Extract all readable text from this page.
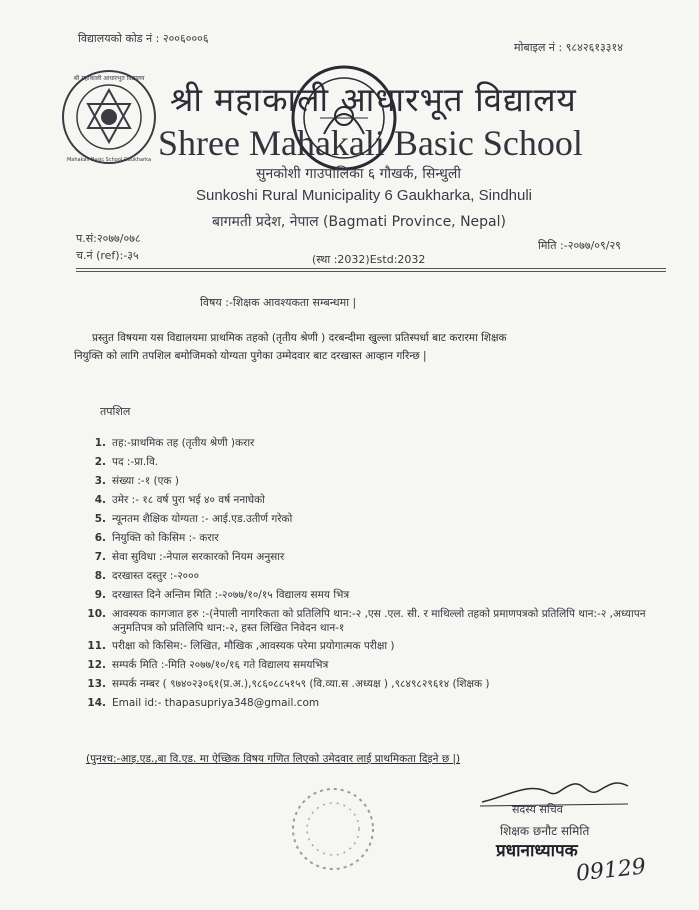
विद्यालयको कोड नं : २००६०००६
मोबाइल नं : ९८४२६१३३१४
श्री महाकाली आधारभूत विद्यालय
Mahakali Basic School Gaukharka
श्री महाकाली आधारभूत विद्यालय
Shree Mahakali Basic School
सुनकोशी गाउपालिका ६ गौखर्क, सिन्धुली
Sunkoshi Rural Municipality 6 Gaukharka, Sindhuli
बागमती प्रदेश, नेपाल (Bagmati Province, Nepal)
प.सं:२०७७/०७८
च.नं (ref):-३५
मिति :-२०७७/०९/२९
(स्था :2032)Estd:2032
विषय :-शिक्षक आवश्यकता सम्बन्धमा |
प्रस्तुत विषयमा यस विद्यालयमा प्राथमिक तहको (तृतीय श्रेणी ) दरबन्दीमा खुल्ला प्रतिस्पर्धा बाट करारमा शिक्षक
नियुक्ति को लागि तपशिल बमोजिमको योग्यता पुगेका उम्मेदवार बाट दरखास्त आव्हान गरिन्छ |
तपशिल
1. तह:-प्राथमिक तह (तृतीय श्रेणी )करार
2. पद :-प्रा.वि.
3. संख्या :-१ (एक )
4. उमेर :- १८ वर्ष पुरा भई ४० वर्ष ननाघेको
5. न्यूनतम शैक्षिक योग्यता :- आई.एड.उतीर्ण गरेको
6. नियुक्ति को किसिम :- करार
7. सेवा सुविधा :-नेपाल सरकारको नियम अनुसार
8. दरखास्त दस्तुर :-२०००
9. दरखास्त दिने अन्तिम मिति :-२०७७/१०/१५ विद्यालय समय भित्र
10. आवस्यक कागजात हरु :-(नेपाली नागरिकता को प्रतिलिपि थान:-२ ,एस .एल. सी. र माथिल्लो तहको प्रमाणपत्रको प्रतिलिपि थान:-२ ,अध्यापन अनुमतिपत्र को प्रतिलिपि थान:-२, हस्त लिखित निवेदन थान-१
11. परीक्षा को किसिम:- लिखित, मौखिक ,आवस्यक परेमा प्रयोगात्मक परीक्षा )
12. सम्पर्क मिति :-मिति २०७७/१०/१६ गते विद्यालय समयभित्र
13. सम्पर्क नम्बर ( ९७४०२३०६१(प्र.अ.),९८६०८८५१५९ (वि.व्या.स .अध्यक्ष ) ,९८४९८२९६१४ (शिक्षक )
14. Email id:- thapasupriya348@gmail.com
(पुनश्च:-आइ.एड.,बा वि.एड. मा ऐच्छिक विषय गणित लिएको उमेदवार लाई प्राथमिकता दिइने छ |)
सदस्य सचिव
शिक्षक छनौट समिति
प्रधानाध्यापक
09129
